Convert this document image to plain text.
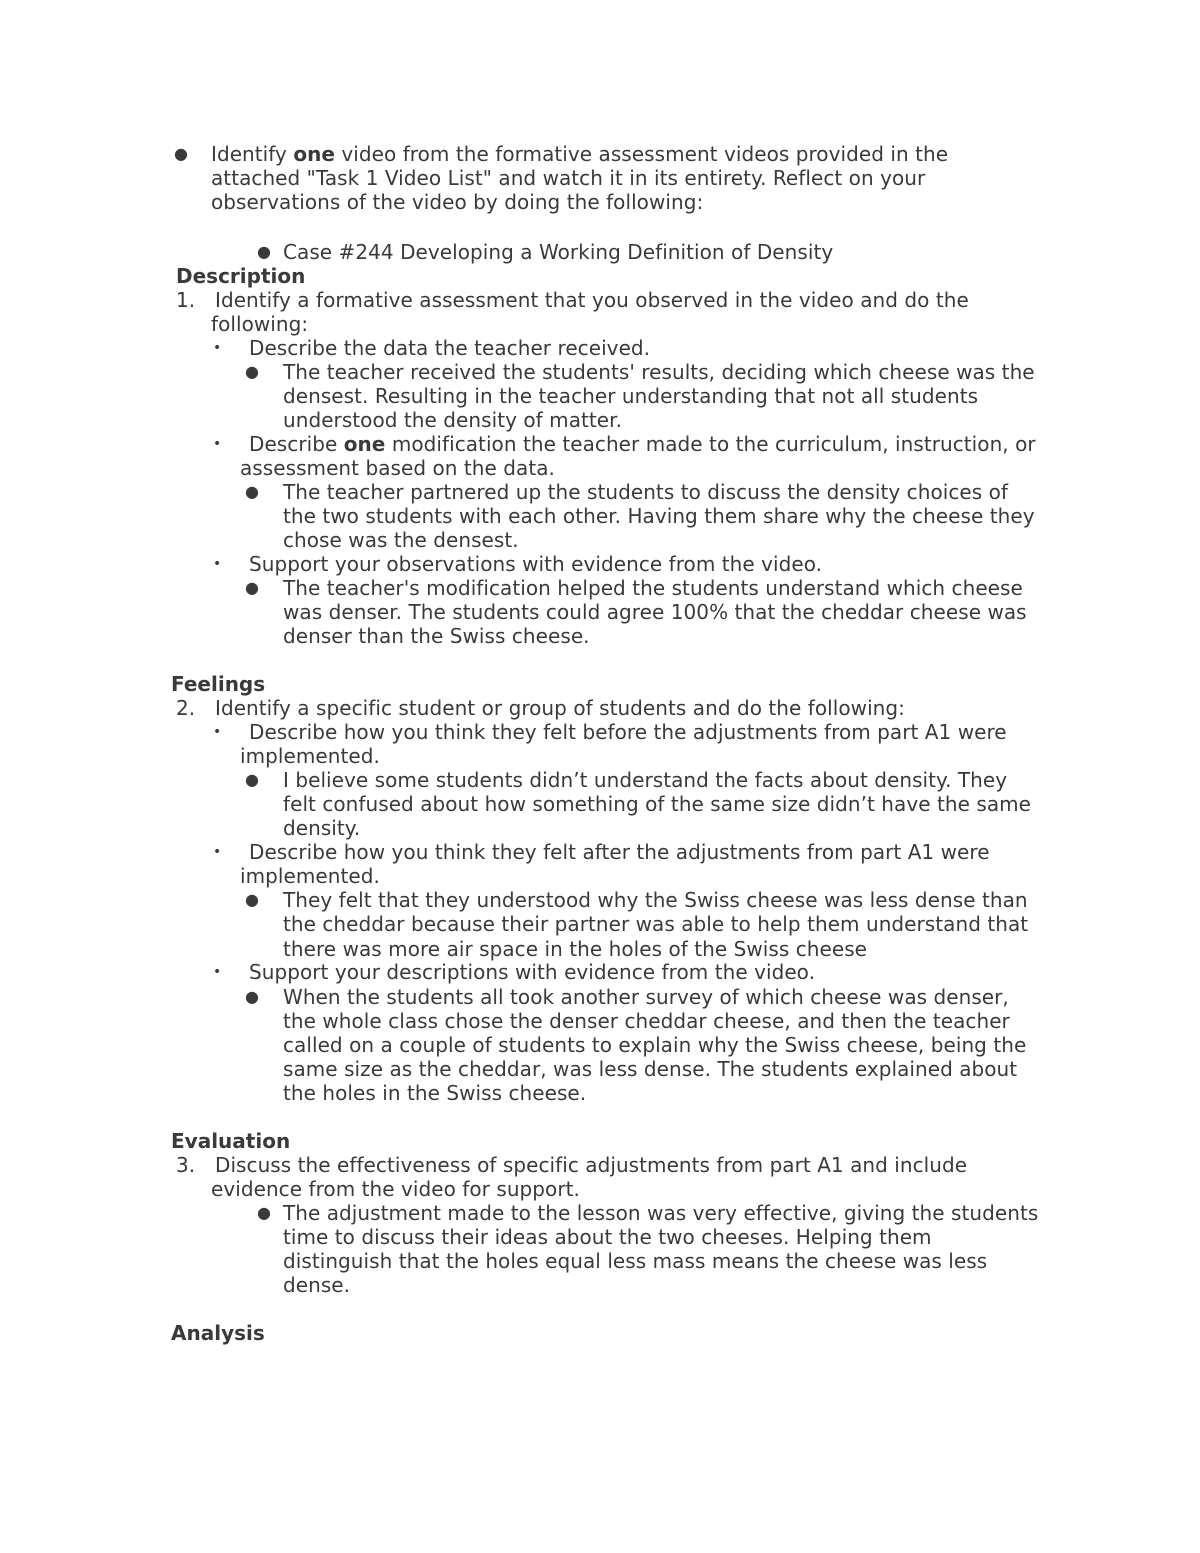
● Identify one video from the formative assessment videos provided in the
attached "Task 1 Video List" and watch it in its entirety. Reflect on your
observations of the video by doing the following:
● Case #244 Developing a Working Definition of Density
Description
1. Identify a formative assessment that you observed in the video and do the
following:
• Describe the data the teacher received.
● The teacher received the students' results, deciding which cheese was the
densest. Resulting in the teacher understanding that not all students
understood the density of matter.
• Describe one modification the teacher made to the curriculum, instruction, or
assessment based on the data.
● The teacher partnered up the students to discuss the density choices of
the two students with each other. Having them share why the cheese they
chose was the densest.
• Support your observations with evidence from the video.
● The teacher's modification helped the students understand which cheese
was denser. The students could agree 100% that the cheddar cheese was
denser than the Swiss cheese.
Feelings
2. Identify a specific student or group of students and do the following:
• Describe how you think they felt before the adjustments from part A1 were
implemented.
● I believe some students didn’t understand the facts about density. They
felt confused about how something of the same size didn’t have the same
density.
• Describe how you think they felt after the adjustments from part A1 were
implemented.
● They felt that they understood why the Swiss cheese was less dense than
the cheddar because their partner was able to help them understand that
there was more air space in the holes of the Swiss cheese
• Support your descriptions with evidence from the video.
● When the students all took another survey of which cheese was denser,
the whole class chose the denser cheddar cheese, and then the teacher
called on a couple of students to explain why the Swiss cheese, being the
same size as the cheddar, was less dense. The students explained about
the holes in the Swiss cheese.
Evaluation
3. Discuss the effectiveness of specific adjustments from part A1 and include
evidence from the video for support.
● The adjustment made to the lesson was very effective, giving the students
time to discuss their ideas about the two cheeses. Helping them
distinguish that the holes equal less mass means the cheese was less
dense.
Analysis
